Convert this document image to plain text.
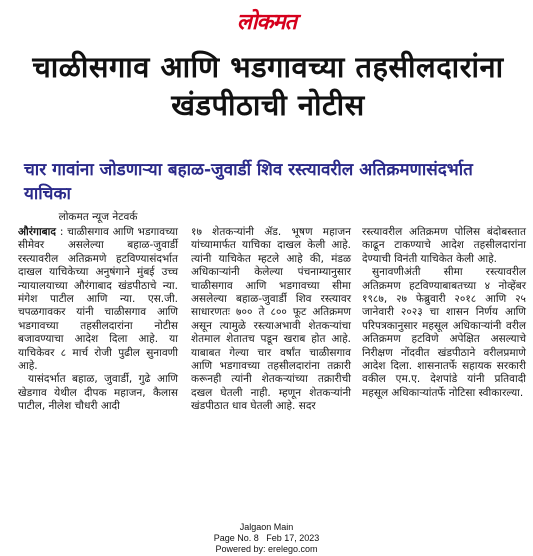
लोकमत
चाळीसगाव आणि भडगावच्या तहसीलदारांना खंडपीठाची नोटीस
चार गावांना जोडणाऱ्या बहाळ-जुवार्डी शिव रस्त्यावरील अतिक्रमणासंदर्भात याचिका
लोकमत न्यूज नेटवर्क

औरंगाबाद : चाळीसगाव आणि भडगावच्या सीमेवर असलेल्या बहाळ-जुवार्डी रस्त्यावरील अतिक्रमणे हटविण्यासंदर्भात दाखल याचिकेच्या अनुषंगाने मुंबई उच्च न्यायालयाच्या औरंगाबाद खंडपीठाचे न्या. मंगेश पाटील आणि न्या. एस.जी. चपळगावकर यांनी चाळीसगाव आणि भडगावच्या तहसीलदारांना नोटीस बजावण्याचा आदेश दिला आहे. या याचिकेवर ८ मार्च रोजी पुढील सुनावणी आहे.

यासंदर्भात बहाळ, जुवार्डी, गुढे आणि खेडगाव येथील दीपक महाजन, कैलास पाटील, नीलेश चौधरी आदी

१७ शेतकऱ्यांनी ॲड. भूषण महाजन यांच्यामार्फत याचिका दाखल केली आहे. त्यांनी याचिकेत म्हटले आहे की, मंडळ अधिकाऱ्यांनी केलेल्या पंचनाम्यानुसार चाळीसगाव आणि भडगावच्या सीमा असलेल्या बहाळ-जुवार्डी शिव रस्त्यावर साधारणतः ७०० ते ८०० फूट अतिक्रमण असून त्यामुळे रस्त्याअभावी शेतकऱ्यांचा शेतमाल शेतातच पडून खराब होत आहे. याबाबत गेल्या चार वर्षांत चाळीसगाव आणि भडगावच्या तहसीलदारांना तक्रारी करूनही त्यांनी शेतकऱ्यांच्या तक्रारीची दखल घेतली नाही. म्हणून शेतकऱ्यांनी खंडपीठात धाव घेतली आहे. सदर

रस्त्यावरील अतिक्रमण पोलिस बंदोबस्तात काढून टाकण्याचे आदेश तहसीलदारांना देण्याची विनंती याचिकेत केली आहे.

सुनावणीअंती सीमा रस्त्यावरील अतिक्रमण हटविण्याबाबतच्या ४ नोव्हेंबर १९८७, २७ फेब्रुवारी २०१८ आणि २५ जानेवारी २०२३ चा शासन निर्णय आणि परिपत्रकानुसार महसूल अधिकाऱ्यांनी वरील अतिक्रमण हटविणे अपेक्षित असल्याचे निरीक्षण नोंदवीत खंडपीठाने वरीलप्रमाणे आदेश दिला. शासनातर्फे सहायक सरकारी वकील एम.ए. देशपांडे यांनी प्रतिवादी महसूल अधिकाऱ्यांतर्फे नोटिसा स्वीकारल्या.

Jalgaon Main
Page No. 8 Feb 17, 2023
Powered by: erelego.com
